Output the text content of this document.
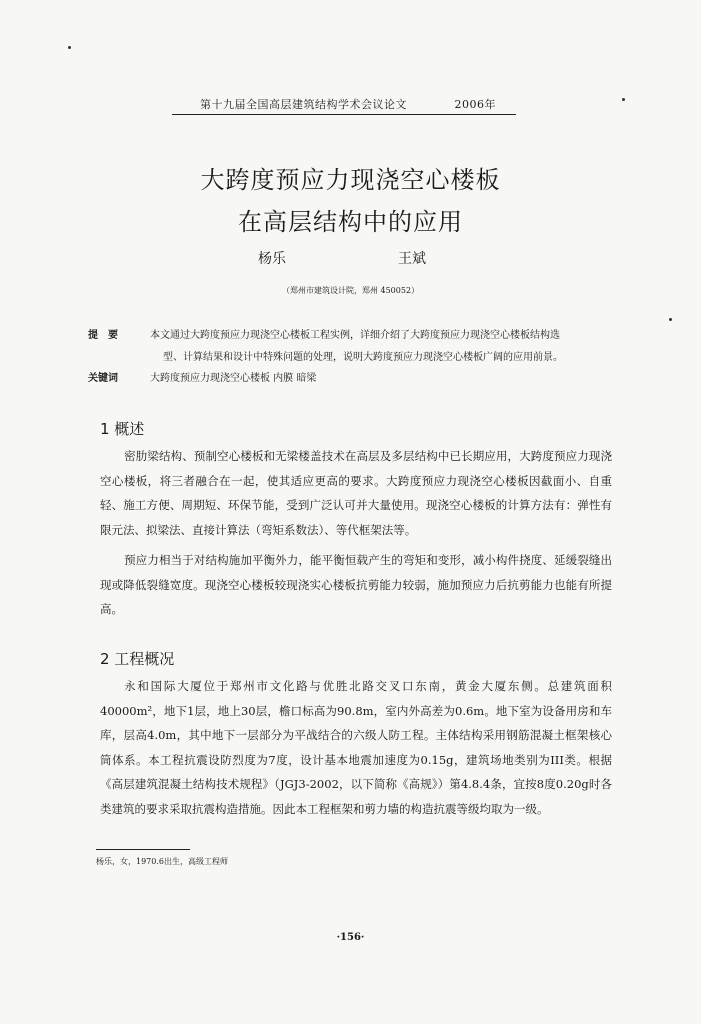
第十九届全国高层建筑结构学术会议论文	2006年
大跨度预应力现浇空心楼板
在高层结构中的应用
杨乐	王斌
（郑州市建筑设计院，郑州 450052）
提　要	本文通过大跨度预应力现浇空心楼板工程实例，详细介绍了大跨度预应力现浇空心楼板结构选
型、计算结果和设计中特殊问题的处理，说明大跨度预应力现浇空心楼板广阔的应用前景。
关键词	大跨度预应力现浇空心楼板 内膜 暗梁
1 概述
密肋梁结构、预制空心楼板和无梁楼盖技术在高层及多层结构中已长期应用，大跨度预应力现浇空心楼板，将三者融合在一起，使其适应更高的要求。大跨度预应力现浇空心楼板因截面小、自重轻、施工方便、周期短、环保节能，受到广泛认可并大量使用。现浇空心楼板的计算方法有：弹性有限元法、拟梁法、直接计算法（弯矩系数法）、等代框架法等。
预应力相当于对结构施加平衡外力，能平衡恒载产生的弯矩和变形，减小构件挠度、延缓裂缝出现或降低裂缝宽度。现浇空心楼板较现浇实心楼板抗剪能力较弱，施加预应力后抗剪能力也能有所提高。
2 工程概况
永和国际大厦位于郑州市文化路与优胜北路交叉口东南，黄金大厦东侧。总建筑面积40000m²，地下1层，地上30层，檐口标高为90.8m，室内外高差为0.6m。地下室为设备用房和车库，层高4.0m，其中地下一层部分为平战结合的六级人防工程。主体结构采用钢筋混凝土框架核心筒体系。本工程抗震设防烈度为7度，设计基本地震加速度为0.15g，建筑场地类别为III类。根据《高层建筑混凝土结构技术规程》（JGJ3-2002，以下简称《高规》）第4.8.4条，宜按8度0.20g时各类建筑的要求采取抗震构造措施。因此本工程框架和剪力墙的构造抗震等级均取为一级。
杨乐，女，1970.6出生，高级工程师
·156·
